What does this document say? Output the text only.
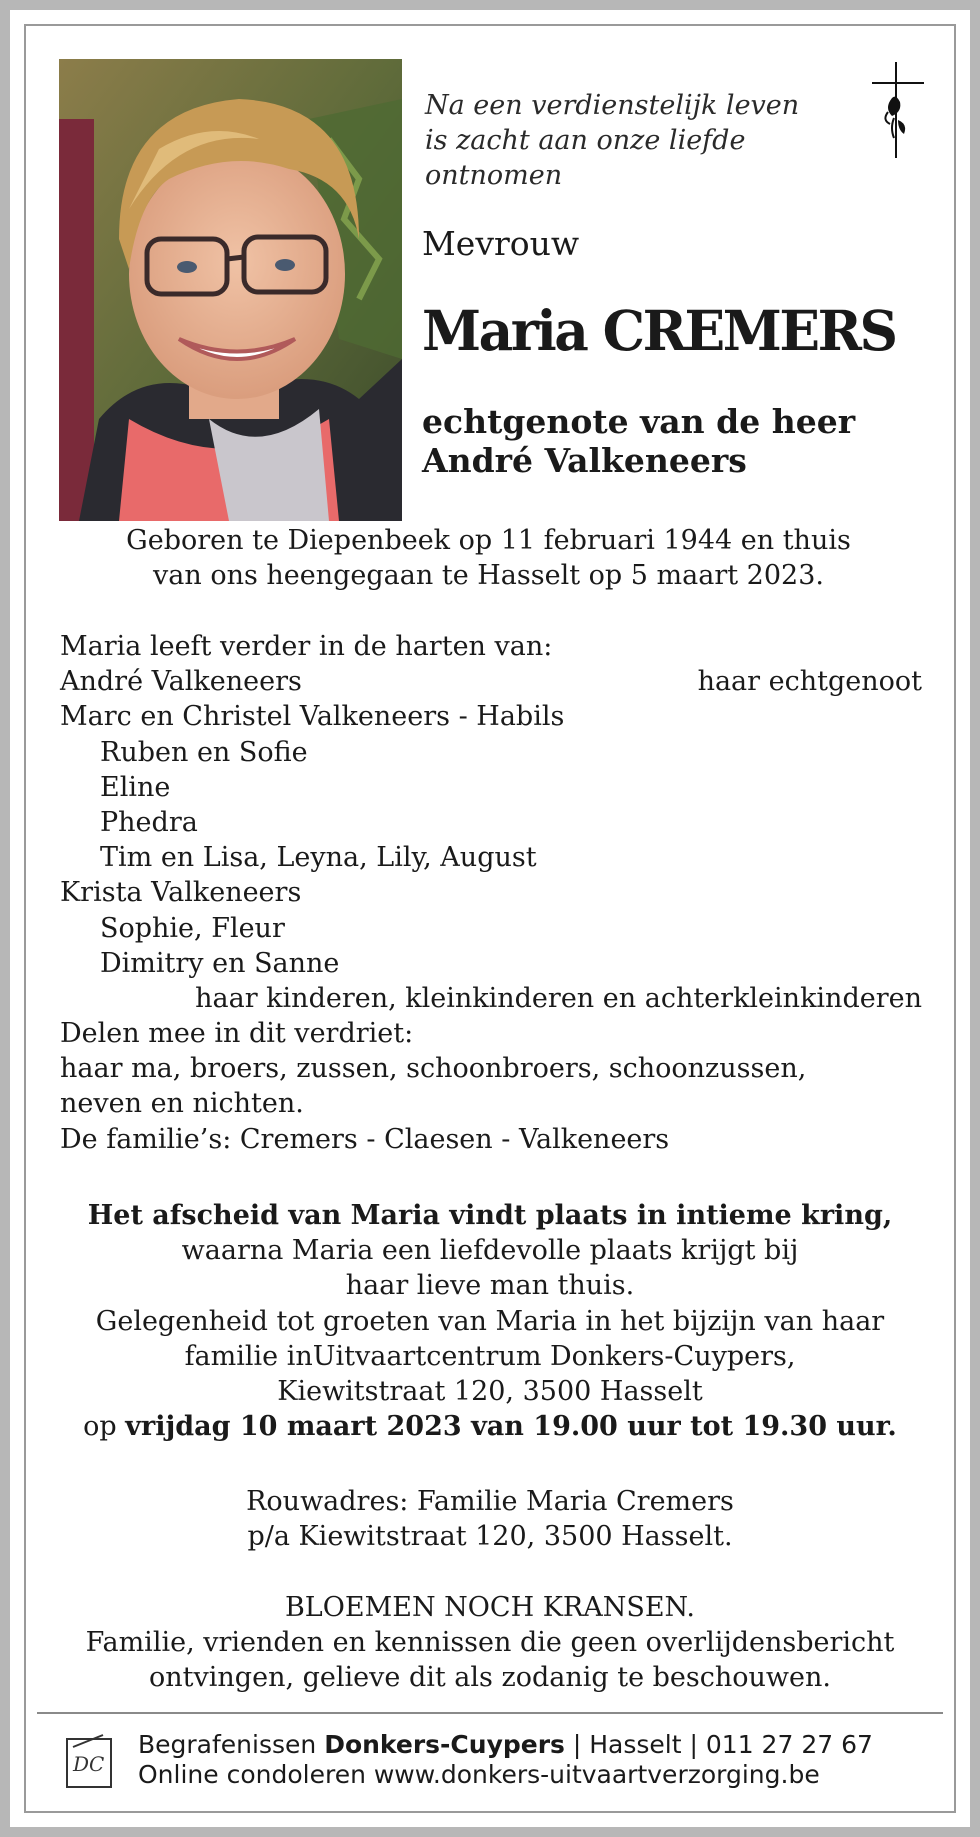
Na een verdienstelijk leven
is zacht aan onze liefde
ontnomen
Mevrouw
Maria CREMERS
echtgenote van de heer
André Valkeneers
Geboren te Diepenbeek op 11 februari 1944 en thuis
van ons heengegaan te Hasselt op 5 maart 2023.
Maria leeft verder in de harten van:
André Valkeneers	haar echtgenoot
Marc en Christel Valkeneers - Habils
Ruben en Sofie
Eline
Phedra
Tim en Lisa, Leyna, Lily, August
Krista Valkeneers
Sophie, Fleur
Dimitry en Sanne
haar kinderen, kleinkinderen en achterkleinkinderen
Delen mee in dit verdriet:
haar ma, broers, zussen, schoonbroers, schoonzussen,
neven en nichten.
De familie’s: Cremers - Claesen - Valkeneers
Het afscheid van Maria vindt plaats in intieme kring,
waarna Maria een liefdevolle plaats krijgt bij
haar lieve man thuis.
Gelegenheid tot groeten van Maria in het bijzijn van haar
familie inUitvaartcentrum Donkers-Cuypers,
Kiewitstraat 120, 3500 Hasselt
op vrijdag 10 maart 2023 van 19.00 uur tot 19.30 uur.
Rouwadres: Familie Maria Cremers
p/a Kiewitstraat 120, 3500 Hasselt.
BLOEMEN NOCH KRANSEN.
Familie, vrienden en kennissen die geen overlijdensbericht
ontvingen, gelieve dit als zodanig te beschouwen.
DC
Begrafenissen Donkers-Cuypers | Hasselt | 011 27 27 67
Online condoleren www.donkers-uitvaartverzorging.be
